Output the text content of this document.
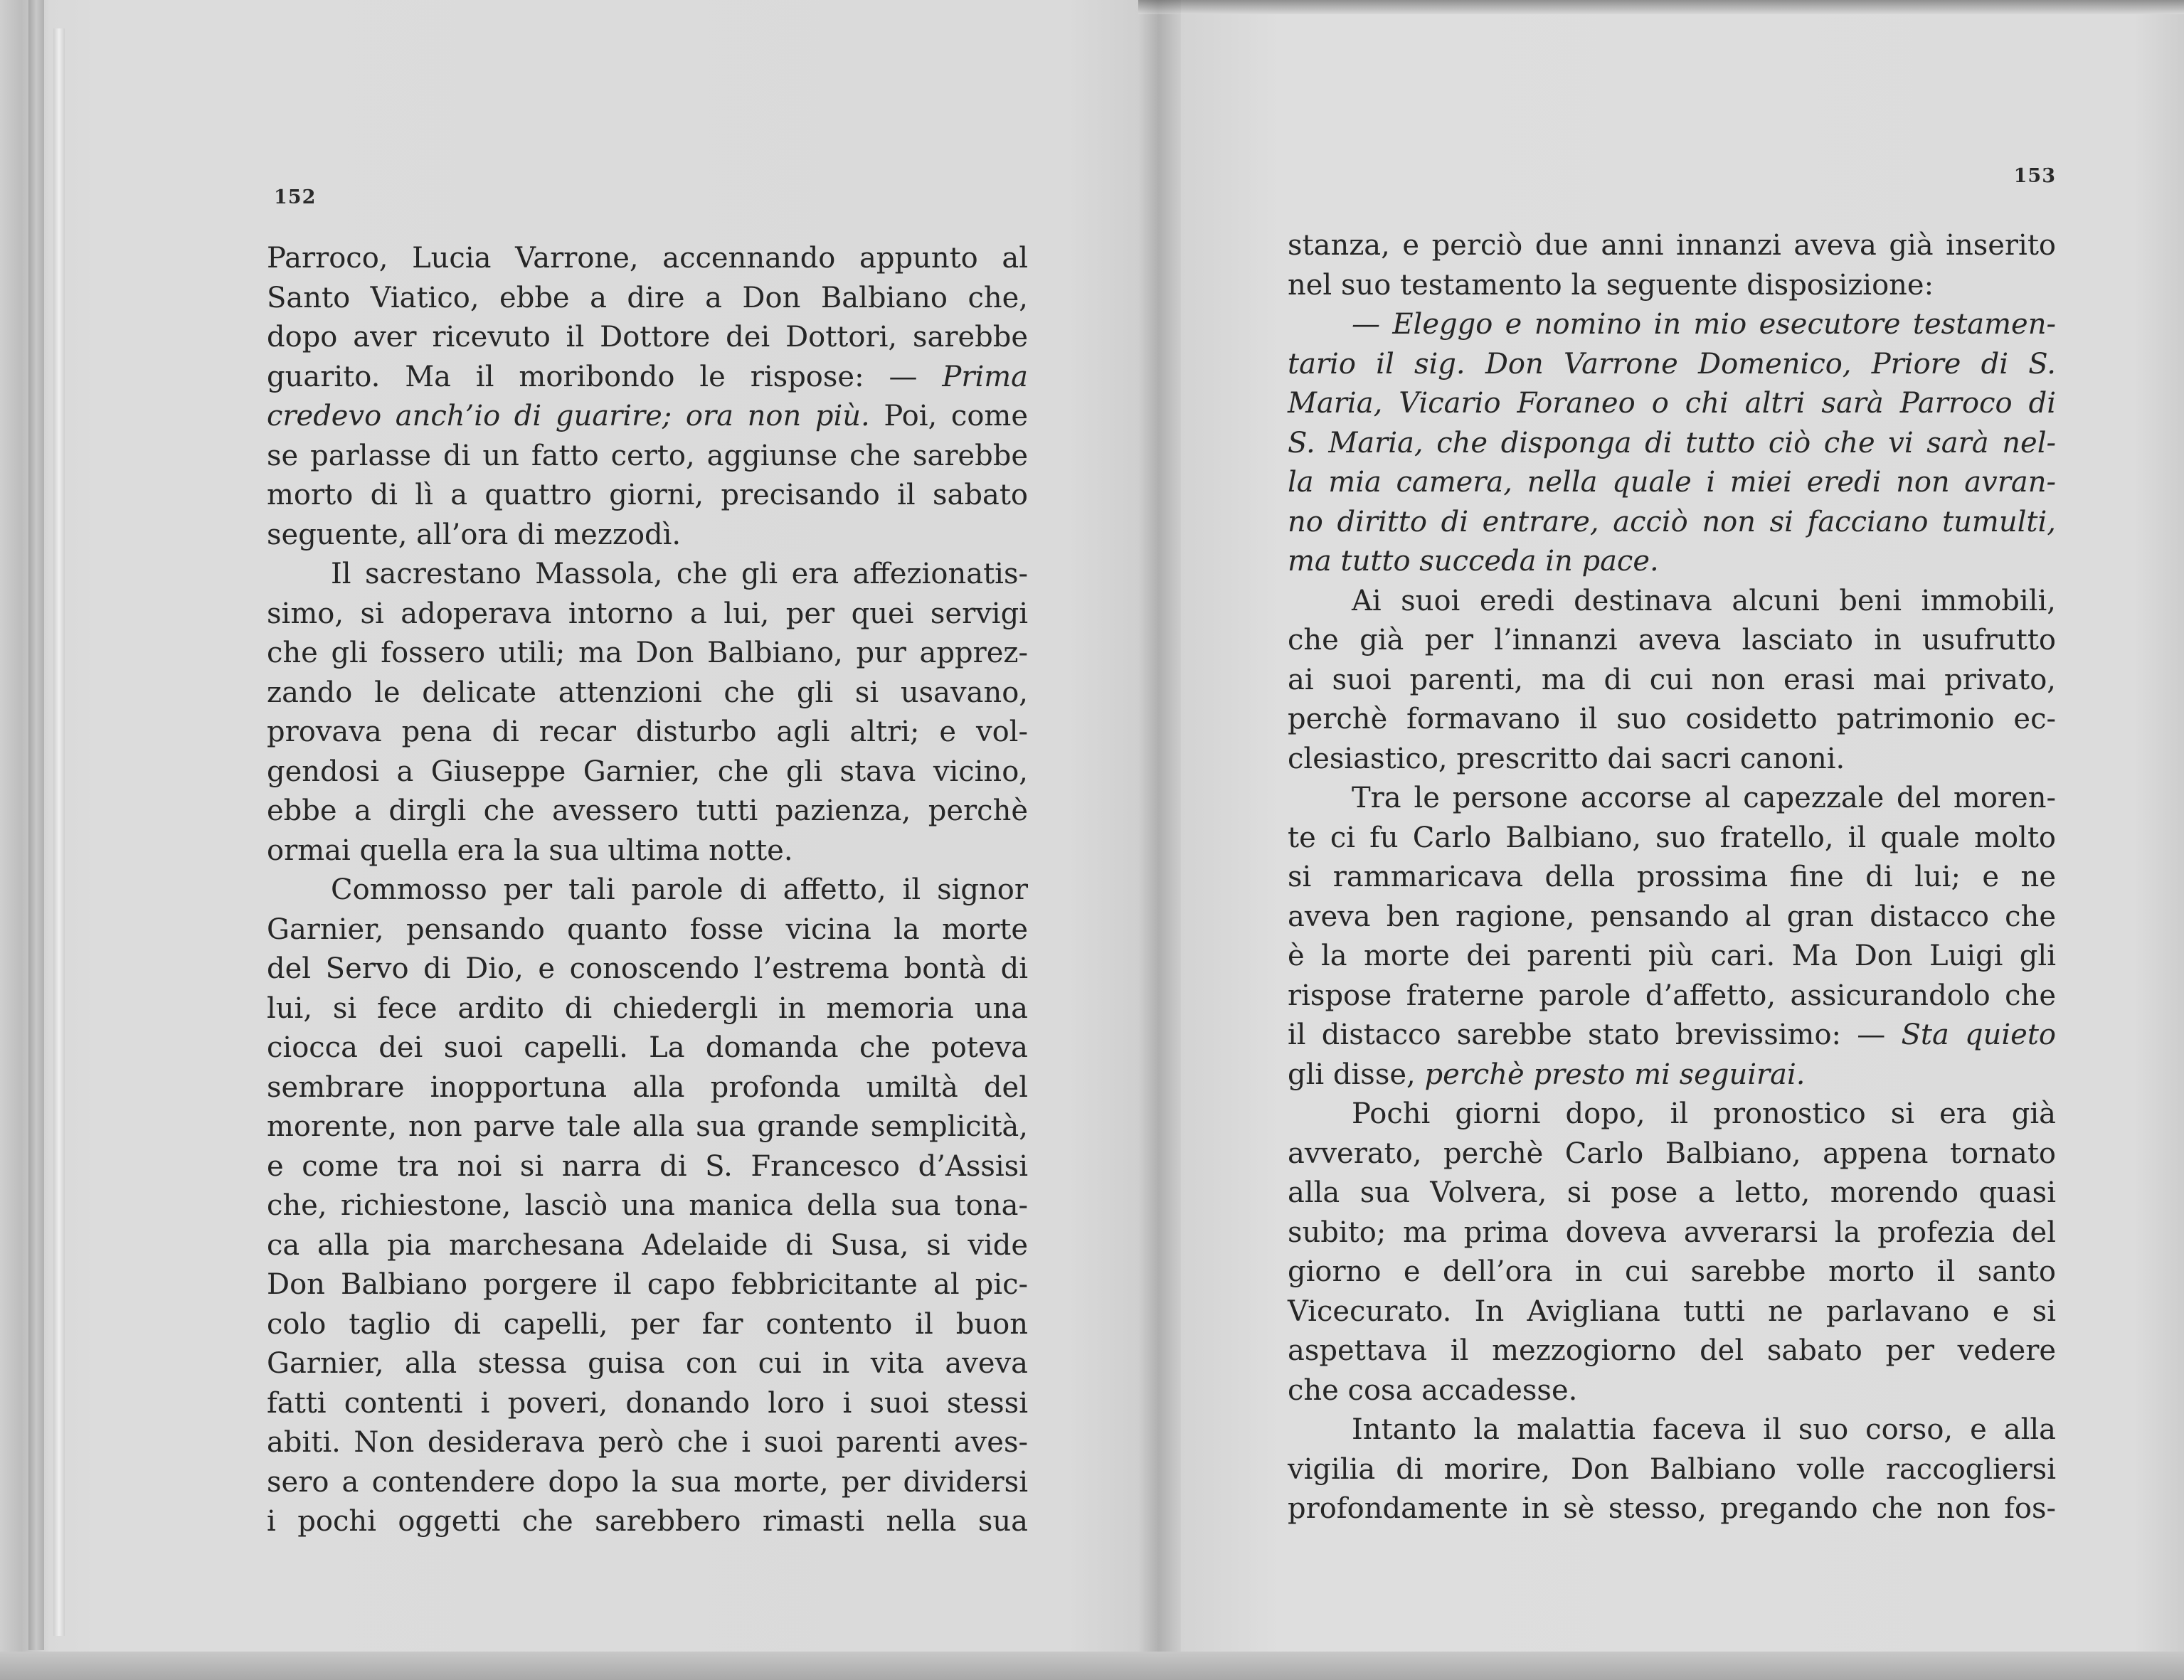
152
Parroco, Lucia Varrone, accennando appunto al
Santo Viatico, ebbe a dire a Don Balbiano che,
dopo aver ricevuto il Dottore dei Dottori, sarebbe
guarito. Ma il moribondo le rispose: — Prima
credevo anch’io di guarire; ora non più. Poi, come
se parlasse di un fatto certo, aggiunse che sarebbe
morto di lì a quattro giorni, precisando il sabato
seguente, all’ora di mezzodì.
Il sacrestano Massola, che gli era affezionatis-
simo, si adoperava intorno a lui, per quei servigi
che gli fossero utili; ma Don Balbiano, pur apprez-
zando le delicate attenzioni che gli si usavano,
provava pena di recar disturbo agli altri; e vol-
gendosi a Giuseppe Garnier, che gli stava vicino,
ebbe a dirgli che avessero tutti pazienza, perchè
ormai quella era la sua ultima notte.
Commosso per tali parole di affetto, il signor
Garnier, pensando quanto fosse vicina la morte
del Servo di Dio, e conoscendo l’estrema bontà di
lui, si fece ardito di chiedergli in memoria una
ciocca dei suoi capelli. La domanda che poteva
sembrare inopportuna alla profonda umiltà del
morente, non parve tale alla sua grande semplicità,
e come tra noi si narra di S. Francesco d’Assisi
che, richiestone, lasciò una manica della sua tona-
ca alla pia marchesana Adelaide di Susa, si vide
Don Balbiano porgere il capo febbricitante al pic-
colo taglio di capelli, per far contento il buon
Garnier, alla stessa guisa con cui in vita aveva
fatti contenti i poveri, donando loro i suoi stessi
abiti. Non desiderava però che i suoi parenti aves-
sero a contendere dopo la sua morte, per dividersi
i pochi oggetti che sarebbero rimasti nella sua
153
stanza, e perciò due anni innanzi aveva già inserito
nel suo testamento la seguente disposizione:
— Eleggo e nomino in mio esecutore testamen-
tario il sig. Don Varrone Domenico, Priore di S.
Maria, Vicario Foraneo o chi altri sarà Parroco di
S. Maria, che disponga di tutto ciò che vi sarà nel-
la mia camera, nella quale i miei eredi non avran-
no diritto di entrare, acciò non si facciano tumulti,
ma tutto succeda in pace.
Ai suoi eredi destinava alcuni beni immobili,
che già per l’innanzi aveva lasciato in usufrutto
ai suoi parenti, ma di cui non erasi mai privato,
perchè formavano il suo cosidetto patrimonio ec-
clesiastico, prescritto dai sacri canoni.
Tra le persone accorse al capezzale del moren-
te ci fu Carlo Balbiano, suo fratello, il quale molto
si rammaricava della prossima fine di lui; e ne
aveva ben ragione, pensando al gran distacco che
è la morte dei parenti più cari. Ma Don Luigi gli
rispose fraterne parole d’affetto, assicurandolo che
il distacco sarebbe stato brevissimo: — Sta quieto
gli disse, perchè presto mi seguirai.
Pochi giorni dopo, il pronostico si era già
avverato, perchè Carlo Balbiano, appena tornato
alla sua Volvera, si pose a letto, morendo quasi
subito; ma prima doveva avverarsi la profezia del
giorno e dell’ora in cui sarebbe morto il santo
Vicecurato. In Avigliana tutti ne parlavano e si
aspettava il mezzogiorno del sabato per vedere
che cosa accadesse.
Intanto la malattia faceva il suo corso, e alla
vigilia di morire, Don Balbiano volle raccogliersi
profondamente in sè stesso, pregando che non fos-
